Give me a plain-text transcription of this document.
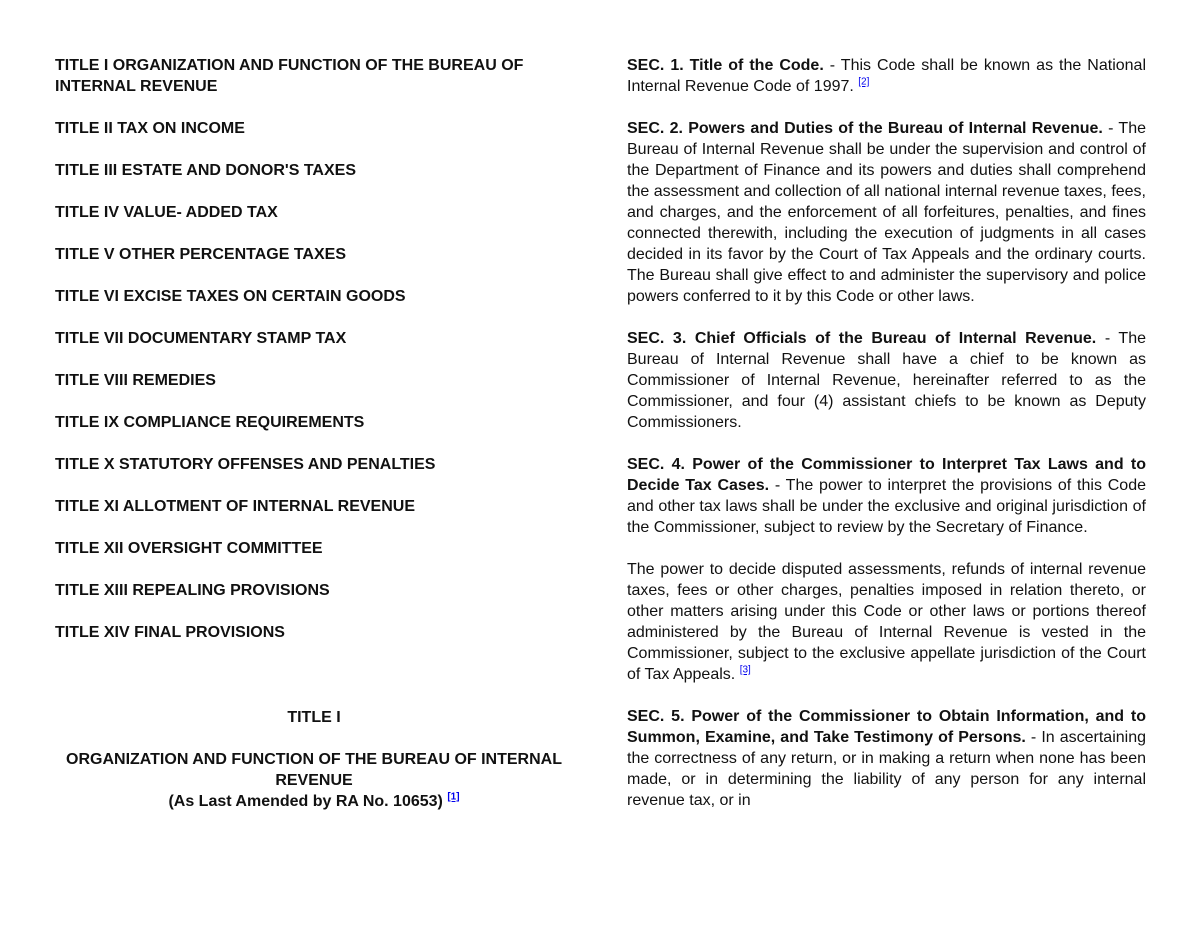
TITLE I ORGANIZATION AND FUNCTION OF THE BUREAU OF INTERNAL REVENUE

TITLE II TAX ON INCOME

TITLE III ESTATE AND DONOR'S TAXES

TITLE IV VALUE- ADDED TAX

TITLE V OTHER PERCENTAGE TAXES

TITLE VI EXCISE TAXES ON CERTAIN GOODS

TITLE VII DOCUMENTARY STAMP TAX

TITLE VIII REMEDIES

TITLE IX COMPLIANCE REQUIREMENTS

TITLE X STATUTORY OFFENSES AND PENALTIES

TITLE XI ALLOTMENT OF INTERNAL REVENUE

TITLE XII OVERSIGHT COMMITTEE

TITLE XIII REPEALING PROVISIONS

TITLE XIV FINAL PROVISIONS

TITLE I

ORGANIZATION AND FUNCTION OF THE BUREAU OF INTERNAL REVENUE

(As Last Amended by RA No. 10653) [1]

SEC. 1. Title of the Code. - This Code shall be known as the National Internal Revenue Code of 1997. [2]

SEC. 2. Powers and Duties of the Bureau of Internal Revenue. - The Bureau of Internal Revenue shall be under the supervision and control of the Department of Finance and its powers and duties shall comprehend the assessment and collection of all national internal revenue taxes, fees, and charges, and the enforcement of all forfeitures, penalties, and fines connected therewith, including the execution of judgments in all cases decided in its favor by the Court of Tax Appeals and the ordinary courts. The Bureau shall give effect to and administer the supervisory and police powers conferred to it by this Code or other laws.

SEC. 3. Chief Officials of the Bureau of Internal Revenue. - The Bureau of Internal Revenue shall have a chief to be known as Commissioner of Internal Revenue, hereinafter referred to as the Commissioner, and four (4) assistant chiefs to be known as Deputy Commissioners.

SEC. 4. Power of the Commissioner to Interpret Tax Laws and to Decide Tax Cases. - The power to interpret the provisions of this Code and other tax laws shall be under the exclusive and original jurisdiction of the Commissioner, subject to review by the Secretary of Finance.

The power to decide disputed assessments, refunds of internal revenue taxes, fees or other charges, penalties imposed in relation thereto, or other matters arising under this Code or other laws or portions thereof administered by the Bureau of Internal Revenue is vested in the Commissioner, subject to the exclusive appellate jurisdiction of the Court of Tax Appeals. [3]

SEC. 5. Power of the Commissioner to Obtain Information, and to Summon, Examine, and Take Testimony of Persons. - In ascertaining the correctness of any return, or in making a return when none has been made, or in determining the liability of any person for any internal revenue tax, or in
